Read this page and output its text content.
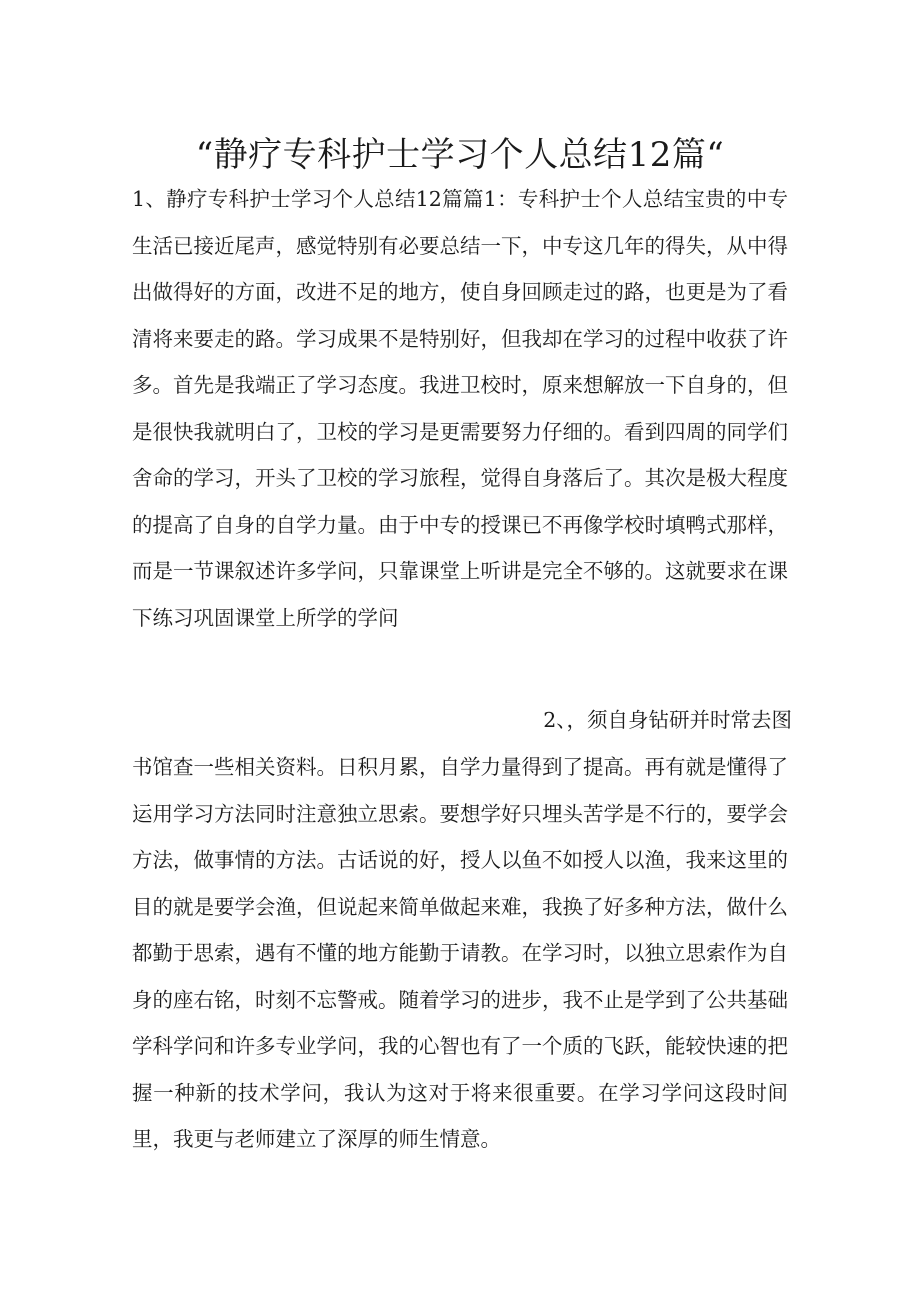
“静疗专科护士学习个人总结12篇“

1、静疗专科护士学习个人总结12篇篇1：专科护士个人总结宝贵的中专生活已接近尾声，感觉特别有必要总结一下，中专这几年的得失，从中得出做得好的方面，改进不足的地方，使自身回顾走过的路，也更是为了看清将来要走的路。学习成果不是特别好，但我却在学习的过程中收获了许多。首先是我端正了学习态度。我进卫校时，原来想解放一下自身的，但是很快我就明白了，卫校的学习是更需要努力仔细的。看到四周的同学们舍命的学习，开头了卫校的学习旅程，觉得自身落后了。其次是极大程度的提高了自身的自学力量。由于中专的授课已不再像学校时填鸭式那样，而是一节课叙述许多学问，只靠课堂上听讲是完全不够的。这就要求在课下练习巩固课堂上所学的学问

2、，须自身钻研并时常去图

书馆查一些相关资料。日积月累，自学力量得到了提高。再有就是懂得了运用学习方法同时注意独立思索。要想学好只埋头苦学是不行的，要学会方法，做事情的方法。古话说的好，授人以鱼不如授人以渔，我来这里的目的就是要学会渔，但说起来简单做起来难，我换了好多种方法，做什么都勤于思索，遇有不懂的地方能勤于请教。在学习时，以独立思索作为自身的座右铭，时刻不忘警戒。随着学习的进步，我不止是学到了公共基础学科学问和许多专业学问，我的心智也有了一个质的飞跃，能较快速的把握一种新的技术学问，我认为这对于将来很重要。在学习学问这段时间里，我更与老师建立了深厚的师生情意。
